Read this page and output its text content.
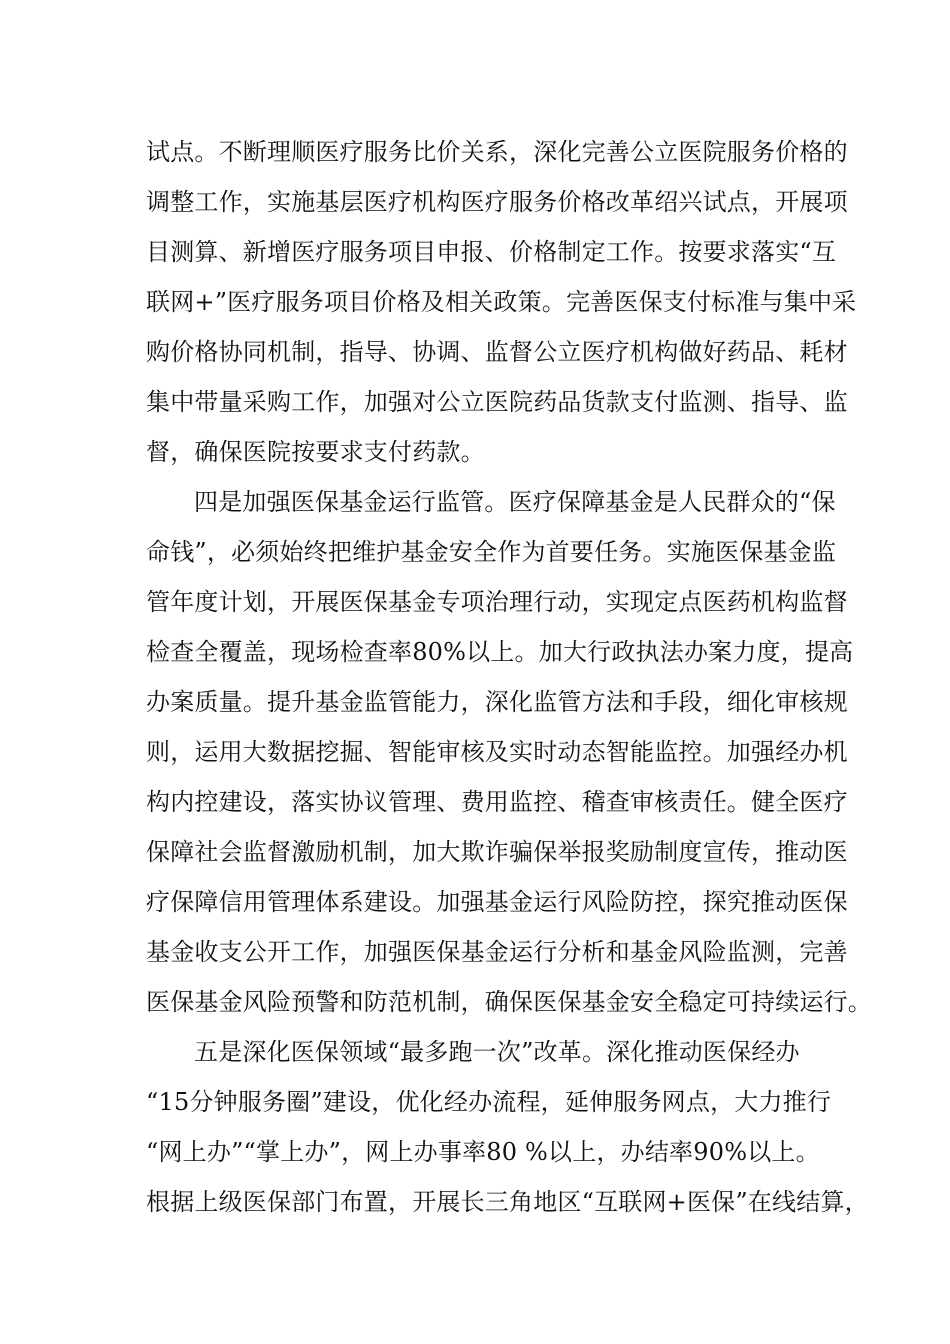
试点。不断理顺医疗服务比价关系，深化完善公立医院服务价格的
调整工作，实施基层医疗机构医疗服务价格改革绍兴试点，开展项
目测算、新增医疗服务项目申报、价格制定工作。按要求落实“互
联网+”医疗服务项目价格及相关政策。完善医保支付标准与集中采
购价格协同机制，指导、协调、监督公立医疗机构做好药品、耗材
集中带量采购工作，加强对公立医院药品货款支付监测、指导、监
督，确保医院按要求支付药款。
四是加强医保基金运行监管。医疗保障基金是人民群众的“保
命钱”，必须始终把维护基金安全作为首要任务。实施医保基金监
管年度计划，开展医保基金专项治理行动，实现定点医药机构监督
检查全覆盖，现场检查率80%以上。加大行政执法办案力度，提高
办案质量。提升基金监管能力，深化监管方法和手段，细化审核规
则，运用大数据挖掘、智能审核及实时动态智能监控。加强经办机
构内控建设，落实协议管理、费用监控、稽查审核责任。健全医疗
保障社会监督激励机制，加大欺诈骗保举报奖励制度宣传，推动医
疗保障信用管理体系建设。加强基金运行风险防控，探究推动医保
基金收支公开工作，加强医保基金运行分析和基金风险监测，完善
医保基金风险预警和防范机制，确保医保基金安全稳定可持续运行。
五是深化医保领域“最多跑一次”改革。深化推动医保经办
“15分钟服务圈”建设，优化经办流程，延伸服务网点，大力推行
“网上办”“掌上办”，网上办事率80 %以上，办结率90%以上。
根据上级医保部门布置，开展长三角地区“互联网+医保”在线结算，
